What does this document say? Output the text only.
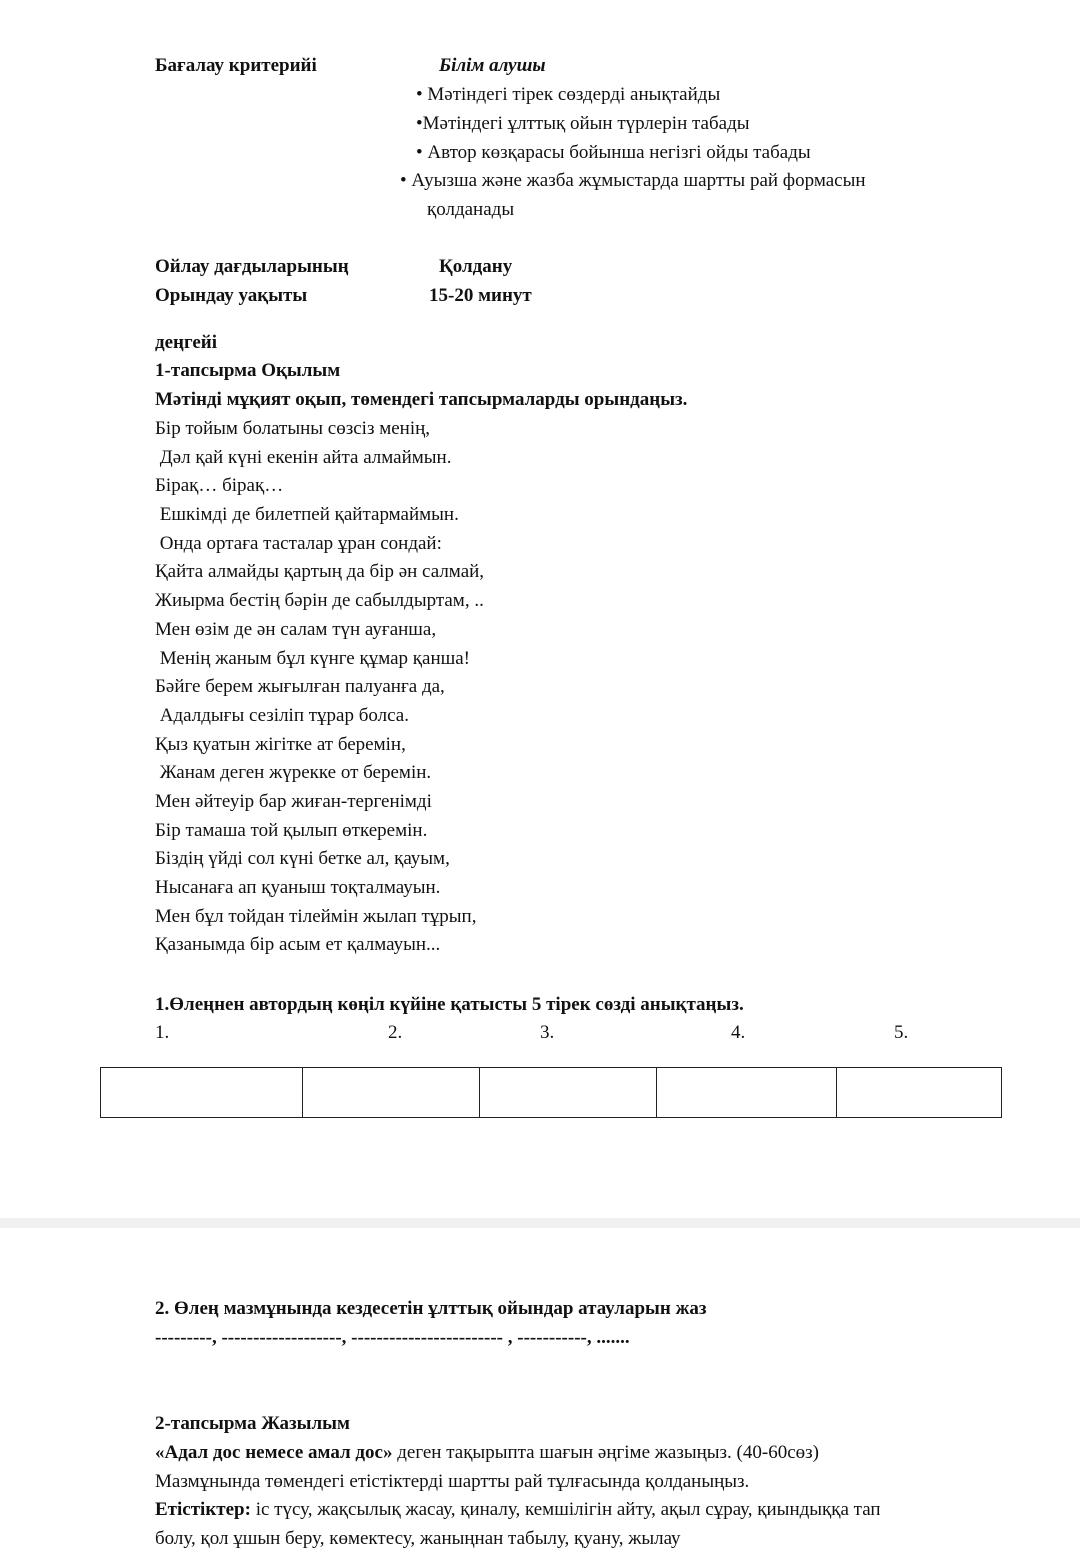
Бағалау критерийі	Білім алушы
• Мәтіндегі тірек сөздерді анықтайды
•Мәтіндегі ұлттық ойын түрлерін табады
• Автор көзқарасы бойынша негізгі ойды табады
• Ауызша және жазба жұмыстарда шартты рай формасын
қолданады
Ойлау дағдыларының	Қолдану
Орындау уақыты	15-20 минут
деңгейі
1-тапсырма Оқылым
Мәтінді мұқият оқып, төмендегі тапсырмаларды орындаңыз.
Бір тойым болатыны сөзсіз менің,
Дәл қай күні екенін айта алмаймын.
Бірақ… бірақ…
Ешкімді де билетпей қайтармаймын.
Онда ортаға тасталар ұран сондай:
Қайта алмайды қартың да бір ән салмай,
Жиырма бестің бәрін де сабылдыртам, ..
Мен өзім де ән салам түн ауғанша,
Менің жаным бұл күнге құмар қанша!
Бәйге берем жығылған палуанға да,
Адалдығы сезіліп тұрар болса.
Қыз қуатын жігітке ат беремін,
Жанам деген жүрекке от беремін.
Мен әйтеуір бар жиған-тергенімді
Бір тамаша той қылып өткеремін.
Біздің үйді сол күні бетке ал, қауым,
Нысанаға ап қуаныш тоқталмауын.
Мен бұл тойдан тілеймін жылап тұрып,
Қазанымда бір асым ет қалмауын...
1.Өлеңнен автордың көңіл күйіне қатысты 5 тірек сөзді анықтаңыз.
1.	2.	3.	4.	5.

2. Өлең мазмұнында кездесетін ұлттық ойындар атауларын жаз
---------, -------------------, ------------------------ , -----------, .......
2-тапсырма Жазылым
«Адал дос немесе амал дос» деген тақырыпта шағын әңгіме жазыңыз. (40-60сөз)
Мазмұнында төмендегі етістіктерді шартты рай тұлғасында қолданыңыз.
Етістіктер: іс түсу, жақсылық жасау, қиналу, кемшілігін айту, ақыл сұрау, қиындыққа тап
болу, қол ұшын беру, көмектесу, жаныңнан табылу, қуану, жылау
